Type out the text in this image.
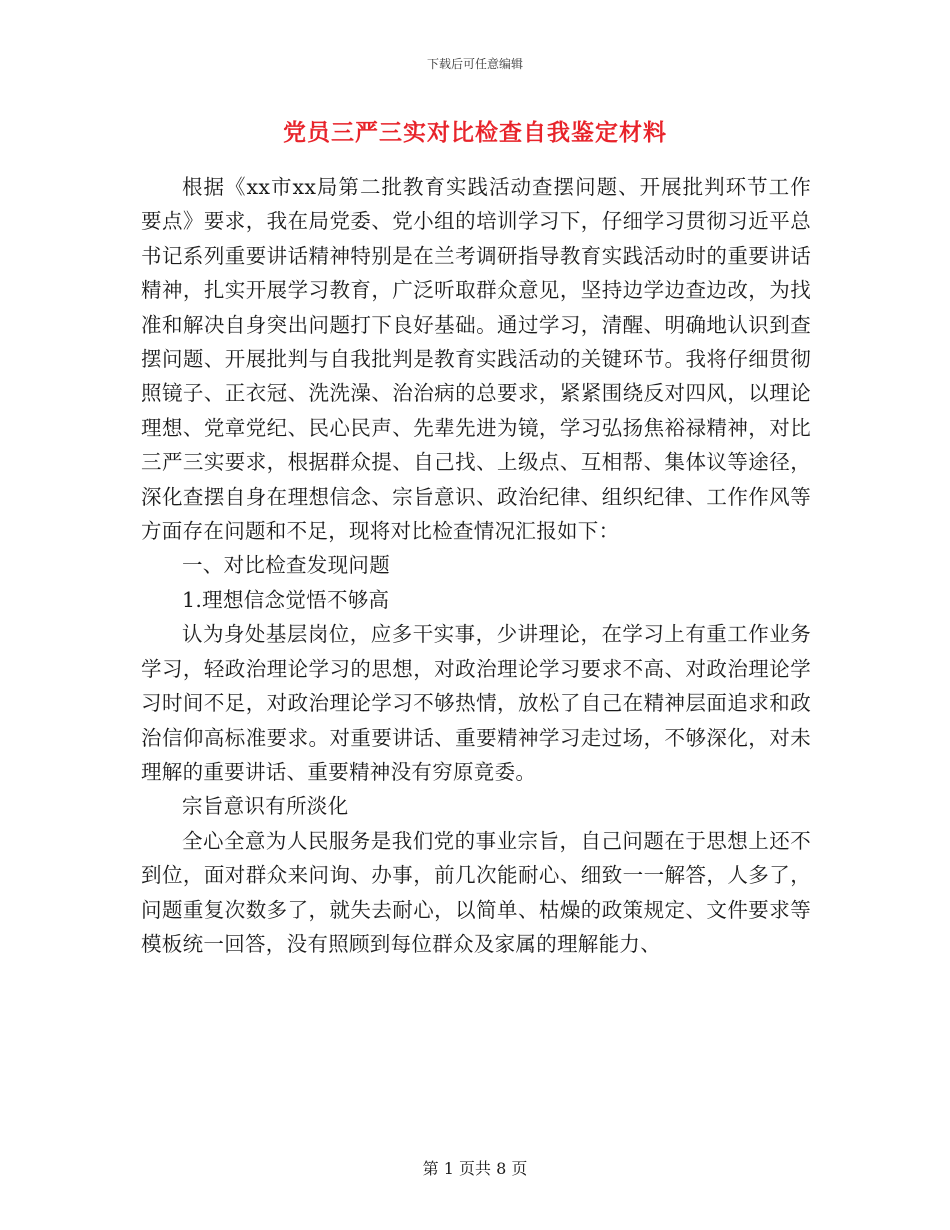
下载后可任意编辑
党员三严三实对比检查自我鉴定材料

根据《xx市xx局第二批教育实践活动查摆问题、开展批判环节工作要点》要求，我在局党委、党小组的培训学习下，仔细学习贯彻习近平总书记系列重要讲话精神特别是在兰考调研指导教育实践活动时的重要讲话精神，扎实开展学习教育，广泛听取群众意见，坚持边学边查边改，为找准和解决自身突出问题打下良好基础。通过学习，清醒、明确地认识到查摆问题、开展批判与自我批判是教育实践活动的关键环节。我将仔细贯彻照镜子、正衣冠、洗洗澡、治治病的总要求，紧紧围绕反对四风，以理论理想、党章党纪、民心民声、先辈先进为镜，学习弘扬焦裕禄精神，对比三严三实要求，根据群众提、自己找、上级点、互相帮、集体议等途径，深化查摆自身在理想信念、宗旨意识、政治纪律、组织纪律、工作作风等方面存在问题和不足，现将对比检查情况汇报如下：

一、对比检查发现问题

1.理想信念觉悟不够高

认为身处基层岗位，应多干实事，少讲理论，在学习上有重工作业务学习，轻政治理论学习的思想，对政治理论学习要求不高、对政治理论学习时间不足，对政治理论学习不够热情，放松了自己在精神层面追求和政治信仰高标准要求。对重要讲话、重要精神学习走过场，不够深化，对未理解的重要讲话、重要精神没有穷原竟委。

宗旨意识有所淡化

全心全意为人民服务是我们党的事业宗旨，自己问题在于思想上还不到位，面对群众来问询、办事，前几次能耐心、细致一一解答，人多了，问题重复次数多了，就失去耐心，以简单、枯燥的政策规定、文件要求等模板统一回答，没有照顾到每位群众及家属的理解能力、

第 1 页共 8 页
